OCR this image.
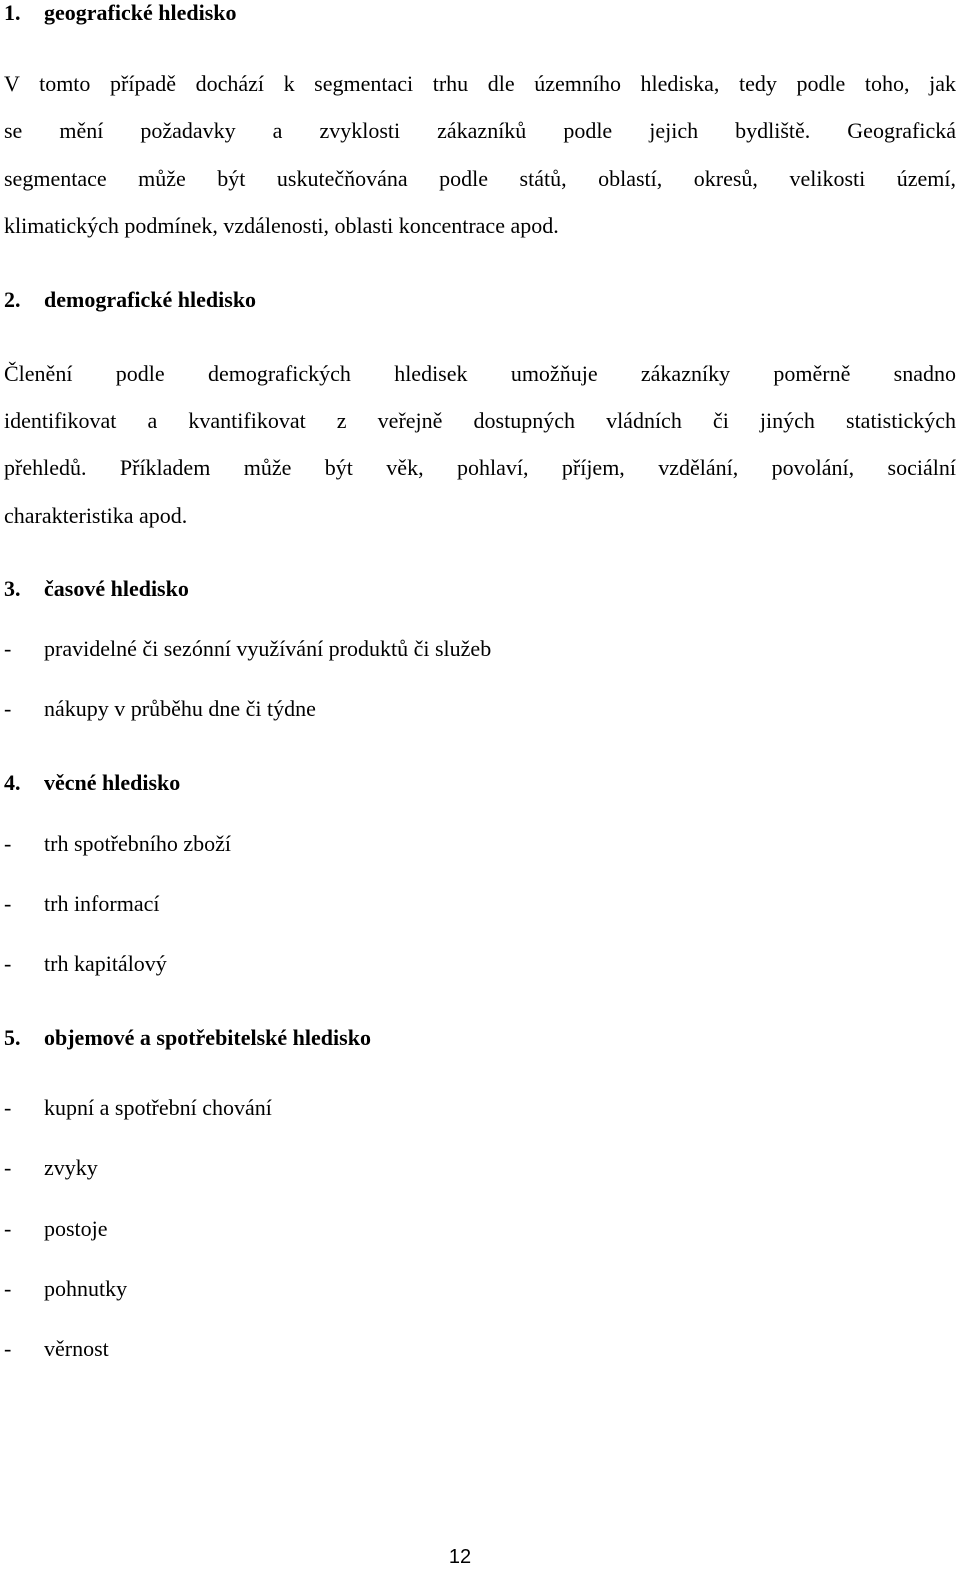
1. geografické hledisko
V tomto případě dochází k segmentaci trhu dle územního hlediska, tedy podle toho, jak
se mění požadavky a zvyklosti zákazníků podle jejich bydliště. Geografická
segmentace může být uskutečňována podle států, oblastí, okresů, velikosti území,
klimatických podmínek, vzdálenosti, oblasti koncentrace apod.
2. demografické hledisko
Členění podle demografických hledisek umožňuje zákazníky poměrně snadno
identifikovat a kvantifikovat z veřejně dostupných vládních či jiných statistických
přehledů. Příkladem může být věk, pohlaví, příjem, vzdělání, povolání, sociální
charakteristika apod.
3. časové hledisko
- pravidelné či sezónní využívání produktů či služeb
- nákupy v průběhu dne či týdne
4. věcné hledisko
- trh spotřebního zboží
- trh informací
- trh kapitálový
5. objemové a spotřebitelské hledisko
- kupní a spotřební chování
- zvyky
- postoje
- pohnutky
- věrnost
12
